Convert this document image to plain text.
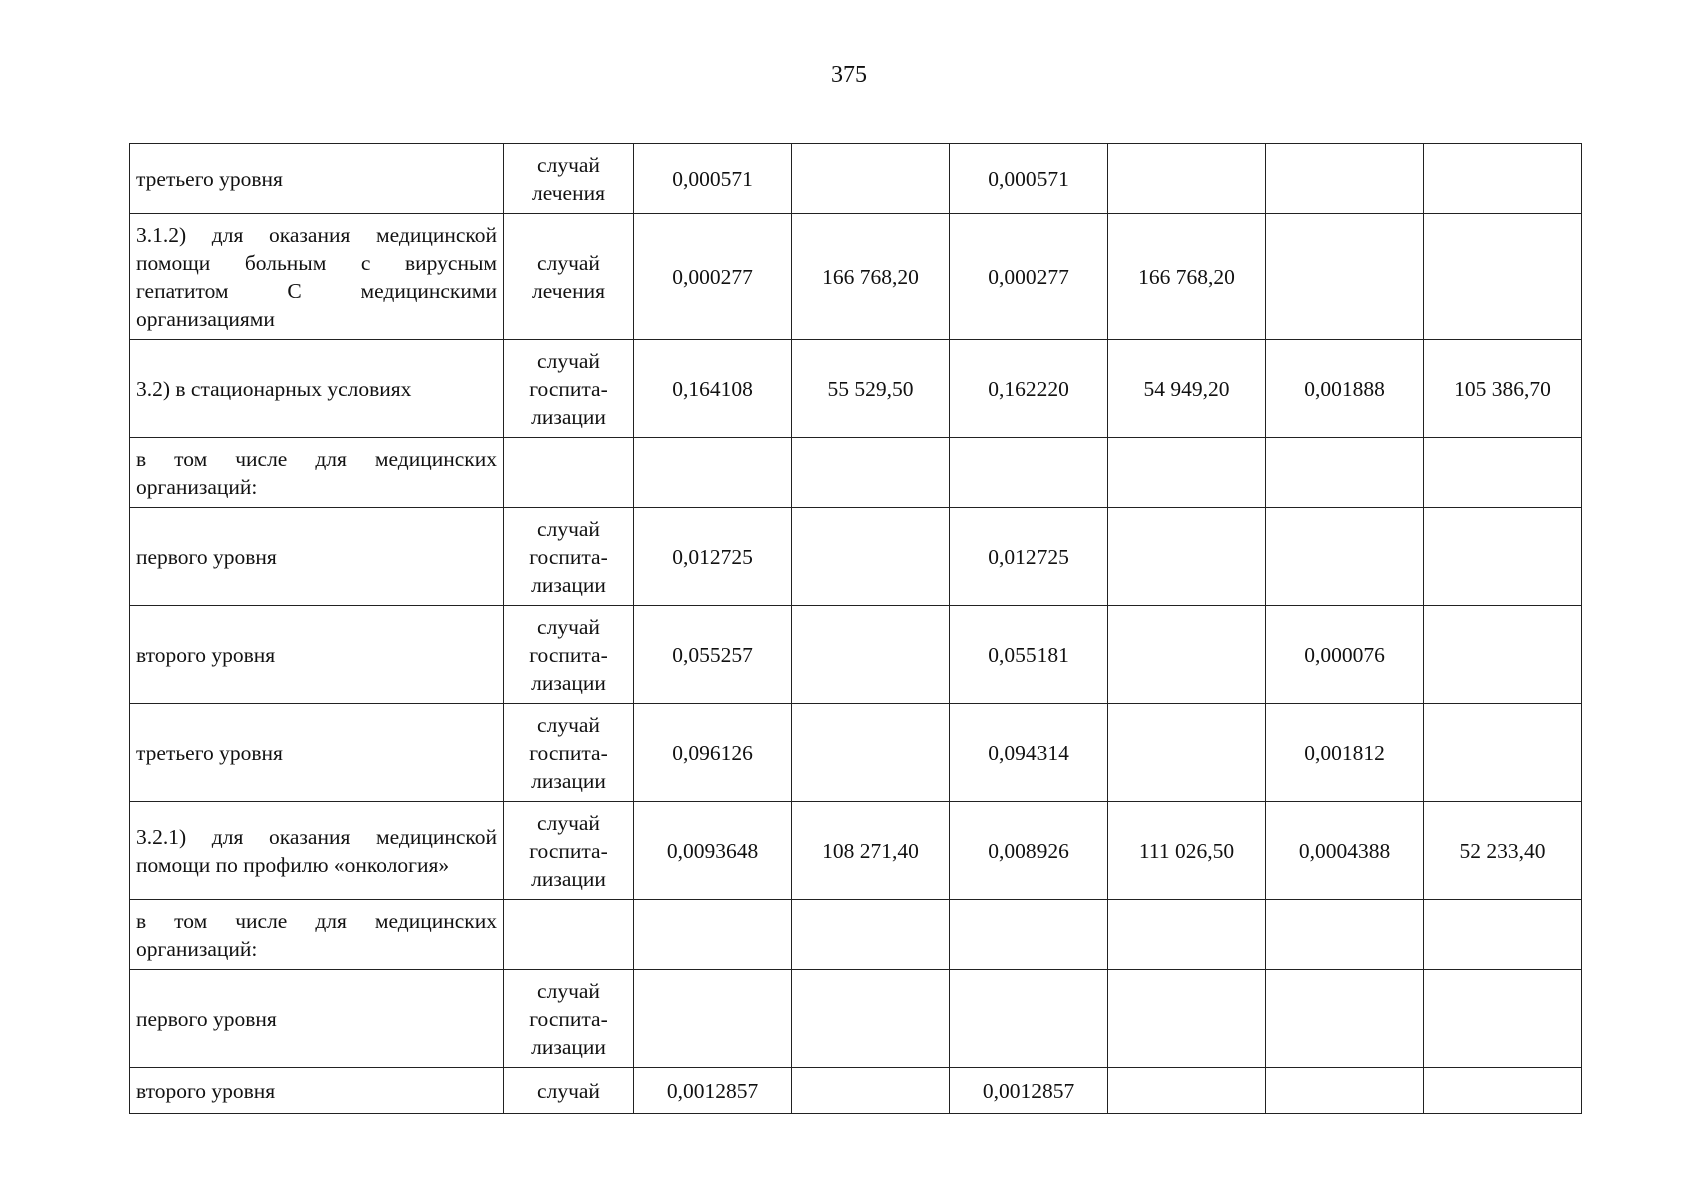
375
третьего уровня	случай
лечения	0,000571		0,000571			
3.1.2) для оказания медицинской помощи больным с вирусным гепатитом С медицинскими организациями	случай
лечения	0,000277	166 768,20	0,000277	166 768,20		
3.2) в стационарных условиях	случай
госпита-
лизации	0,164108	55 529,50	0,162220	54 949,20	0,001888	105 386,70
в том числе для медицинских организаций:							
первого уровня	случай
госпита-
лизации	0,012725		0,012725			
второго уровня	случай
госпита-
лизации	0,055257		0,055181		0,000076	
третьего уровня	случай
госпита-
лизации	0,096126		0,094314		0,001812	
3.2.1) для оказания медицинской помощи по профилю «онкология»	случай
госпита-
лизации	0,0093648	108 271,40	0,008926	111 026,50	0,0004388	52 233,40
в том числе для медицинских организаций:							
первого уровня	случай
госпита-
лизации						

второго уровня	случай	0,0012857		0,0012857			
